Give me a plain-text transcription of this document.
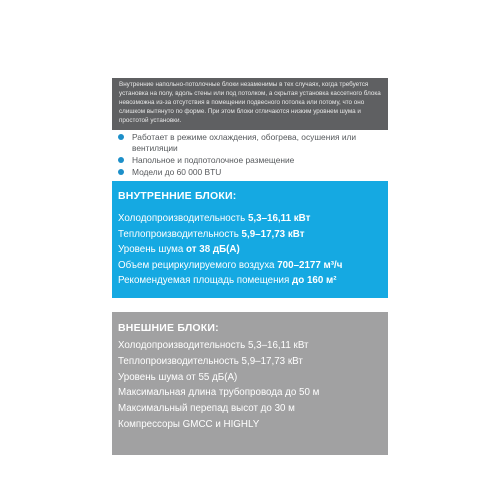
Внутренние напольно-потолочные блоки незаменимы в тех случаях, когда требуется установка на полу, вдоль стены или под потолком, а скрытая установка кассетного блока невозможна из-за отсутствия в помещении подвесного потолка или потому, что оно слишком вытянуто по форме. При этом блоки отличаются низким уровнем шума и простотой установки.

Работает в режиме охлаждения, обогрева, осушения или вентиляции
Напольное и подпотолочное размещение
Модели до 60 000 BTU
ВНУТРЕННИЕ БЛОКИ:
Холодопроизводительность 5,3–16,11 кВт
Теплопроизводительность 5,9–17,73 кВт
Уровень шума от 38 дБ(А)
Объем рециркулируемого воздуха 700–2177 м³/ч
Рекомендуемая площадь помещения до 160 м²
ВНЕШНИЕ БЛОКИ:
Холодопроизводительность 5,3–16,11 кВт
Теплопроизводительность 5,9–17,73 кВт
Уровень шума от 55 дБ(А)
Максимальная длина трубопровода до 50 м
Максимальный перепад высот до 30 м
Компрессоры GMCC и HIGHLY
